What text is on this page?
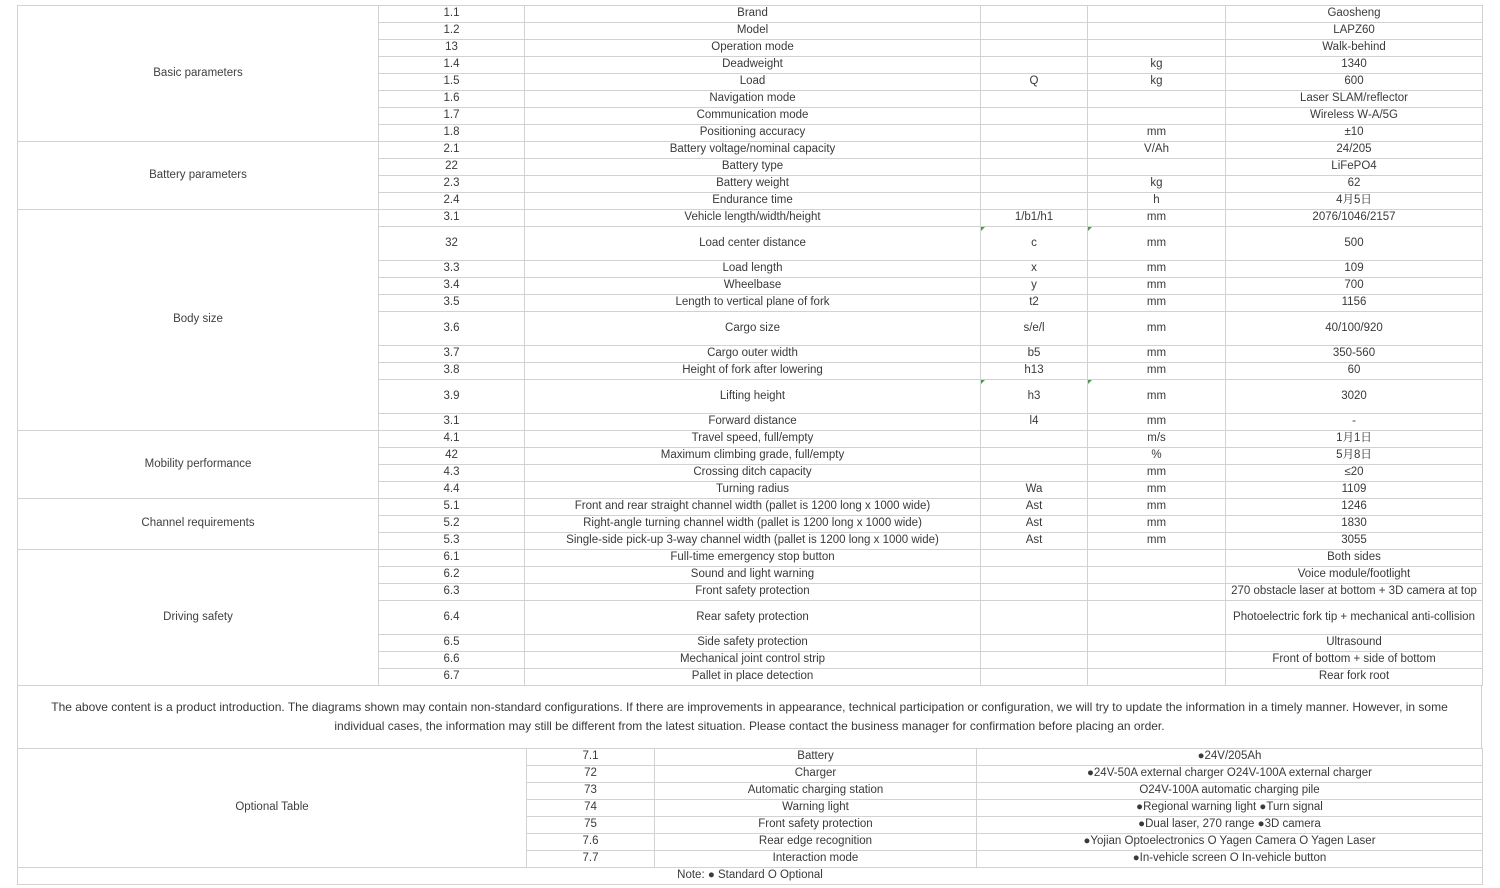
Basic parameters	1.1	Brand			Gaosheng
	1.2	Model			LAPZ60
	13	Operation mode			Walk-behind
	1.4	Deadweight		kg	1340
	1.5	Load	Q	kg	600
	1.6	Navigation mode			Laser SLAM/reflector
	1.7	Communication mode			Wireless W-A/5G
	1.8	Positioning accuracy		mm	±10
Battery parameters	2.1	Battery voltage/nominal capacity		V/Ah	24/205
	22	Battery type			LiFePO4
	2.3	Battery weight		kg	62
	2.4	Endurance time		h	4月5日
Body size	3.1	Vehicle length/width/height	1/b1/h1	mm	2076/1046/2157
	32	Load center distance	c	mm	500
	3.3	Load length	x	mm	109
	3.4	Wheelbase	y	mm	700
	3.5	Length to vertical plane of fork	t2	mm	1156
	3.6	Cargo size	s/e/l	mm	40/100/920
	3.7	Cargo outer width	b5	mm	350-560
	3.8	Height of fork after lowering	h13	mm	60
	3.9	Lifting height	h3	mm	3020
	3.1	Forward distance	l4	mm	-
Mobility performance	4.1	Travel speed, full/empty		m/s	1月1日
	42	Maximum climbing grade, full/empty		%	5月8日
	4.3	Crossing ditch capacity		mm	≤20
	4.4	Turning radius	Wa	mm	1109
Channel requirements	5.1	Front and rear straight channel width (pallet is 1200 long x 1000 wide)	Ast	mm	1246
	5.2	Right-angle turning channel width (pallet is 1200 long x 1000 wide)	Ast	mm	1830
	5.3	Single-side pick-up 3-way channel width (pallet is 1200 long x 1000 wide)	Ast	mm	3055
Driving safety	6.1	Full-time emergency stop button			Both sides
	6.2	Sound and light warning			Voice module/footlight
	6.3	Front safety protection			270 obstacle laser at bottom + 3D camera at top
	6.4	Rear safety protection			Photoelectric fork tip + mechanical anti-collision
	6.5	Side safety protection			Ultrasound
	6.6	Mechanical joint control strip			Front of bottom + side of bottom
	6.7	Pallet in place detection			Rear fork root
The above content is a product introduction. The diagrams shown may contain non-standard configurations. If there are improvements in appearance, technical participation or configuration, we will try to update the information in a timely manner. However, in some individual cases, the information may still be different from the latest situation. Please contact the business manager for confirmation before placing an order.
Optional Table	7.1	Battery	●24V/205Ah
	72	Charger	●24V-50A external charger O24V-100A external charger
	73	Automatic charging station	O24V-100A automatic charging pile
	74	Warning light	●Regional warning light ●Turn signal
	75	Front safety protection	●Dual laser, 270 range ●3D camera
	7.6	Rear edge recognition	●Yojian Optoelectronics O Yagen Camera O Yagen Laser
	7.7	Interaction mode	●In-vehicle screen O In-vehicle button
Note: ● Standard O Optional			
